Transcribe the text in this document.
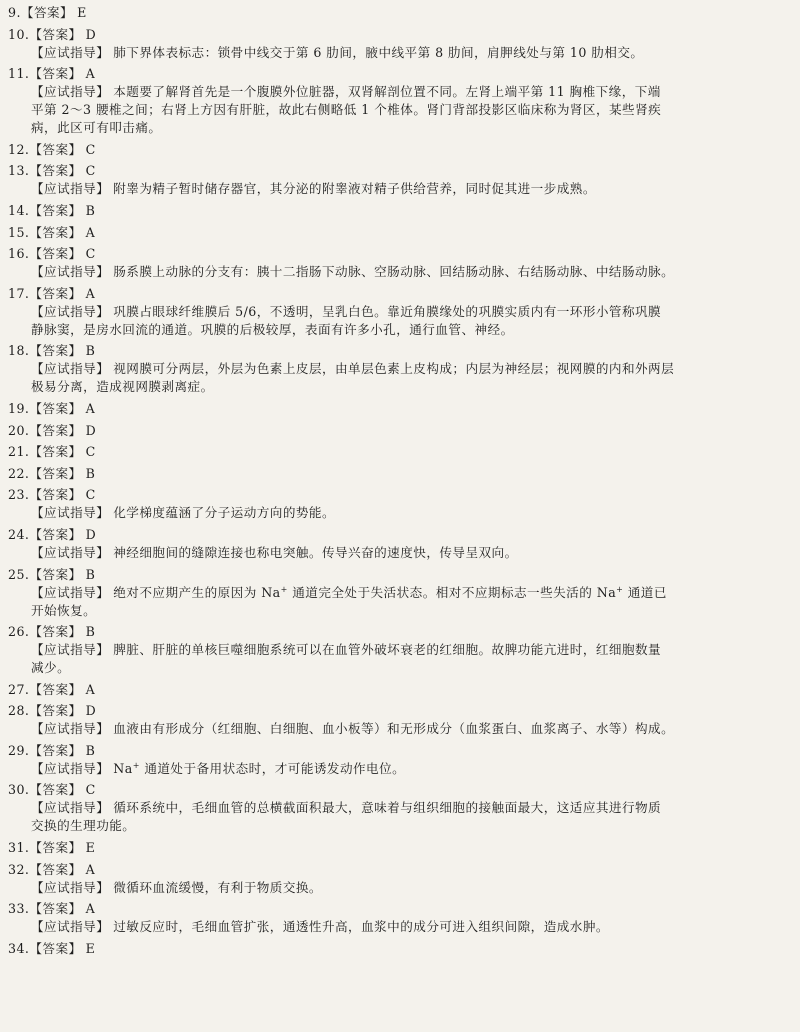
9.【答案】 E
10.【答案】 D
【应试指导】 肺下界体表标志：锁骨中线交于第 6 肋间，腋中线平第 8 肋间，肩胛线处与第 10 肋相交。
11.【答案】 A
【应试指导】 本题要了解肾首先是一个腹膜外位脏器，双肾解剖位置不同。左肾上端平第 11 胸椎下缘，下端
平第 2～3 腰椎之间；右肾上方因有肝脏，故此右侧略低 1 个椎体。肾门背部投影区临床称为肾区，某些肾疾
病，此区可有叩击痛。
12.【答案】 C
13.【答案】 C
【应试指导】 附睾为精子暂时储存器官，其分泌的附睾液对精子供给营养，同时促其进一步成熟。
14.【答案】 B
15.【答案】 A
16.【答案】 C
【应试指导】 肠系膜上动脉的分支有：胰十二指肠下动脉、空肠动脉、回结肠动脉、右结肠动脉、中结肠动脉。
17.【答案】 A
【应试指导】 巩膜占眼球纤维膜后 5/6，不透明，呈乳白色。靠近角膜缘处的巩膜实质内有一环形小管称巩膜
静脉窦，是房水回流的通道。巩膜的后极较厚，表面有许多小孔，通行血管、神经。
18.【答案】 B
【应试指导】 视网膜可分两层，外层为色素上皮层，由单层色素上皮构成；内层为神经层；视网膜的内和外两层
极易分离，造成视网膜剥离症。
19.【答案】 A
20.【答案】 D
21.【答案】 C
22.【答案】 B
23.【答案】 C
【应试指导】 化学梯度蕴涵了分子运动方向的势能。
24.【答案】 D
【应试指导】 神经细胞间的缝隙连接也称电突触。传导兴奋的速度快，传导呈双向。
25.【答案】 B
【应试指导】 绝对不应期产生的原因为 Na+ 通道完全处于失活状态。相对不应期标志一些失活的 Na+ 通道已
开始恢复。
26.【答案】 B
【应试指导】 脾脏、肝脏的单核巨噬细胞系统可以在血管外破坏衰老的红细胞。故脾功能亢进时，红细胞数量
减少。
27.【答案】 A
28.【答案】 D
【应试指导】 血液由有形成分（红细胞、白细胞、血小板等）和无形成分（血浆蛋白、血浆离子、水等）构成。
29.【答案】 B
【应试指导】 Na+ 通道处于备用状态时，才可能诱发动作电位。
30.【答案】 C
【应试指导】 循环系统中，毛细血管的总横截面积最大，意味着与组织细胞的接触面最大，这适应其进行物质
交换的生理功能。
31.【答案】 E
32.【答案】 A
【应试指导】 微循环血流缓慢，有利于物质交换。
33.【答案】 A
【应试指导】 过敏反应时，毛细血管扩张，通透性升高，血浆中的成分可进入组织间隙，造成水肿。
34.【答案】 E
